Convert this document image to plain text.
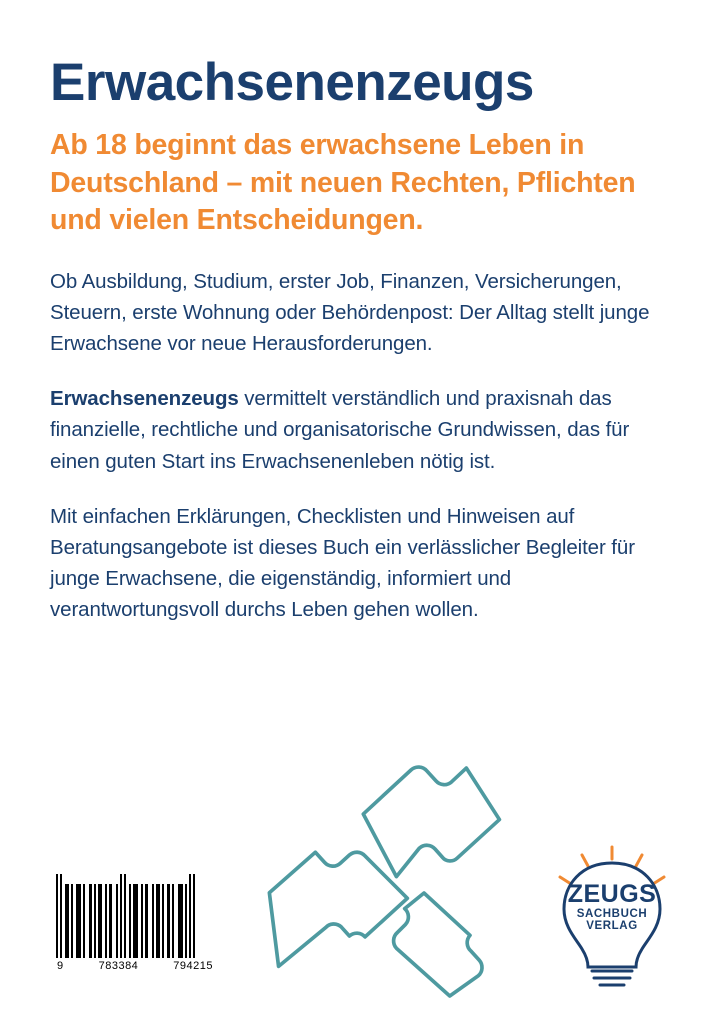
Erwachsenenzeugs
Ab 18 beginnt das erwachsene Leben in Deutschland – mit neuen Rechten, Pflichten und vielen Entscheidungen.

Ob Ausbildung, Studium, erster Job, Finanzen, Versicherungen, Steuern, erste Wohnung oder Behördenpost: Der Alltag stellt junge Erwachsene vor neue Herausforderungen.

Erwachsenenzeugs vermittelt verständlich und praxisnah das finanzielle, rechtliche und organisatorische Grundwissen, das für einen guten Start ins Erwachsenenleben nötig ist.

Mit einfachen Erklärungen, Checklisten und Hinweisen auf Beratungsangebote ist dieses Buch ein verlässlicher Begleiter für junge Erwachsene, die eigenständig, informiert und verantwortungsvoll durchs Leben gehen wollen.

9	783384	794215
ZEUGS
SACHBUCH
VERLAG
